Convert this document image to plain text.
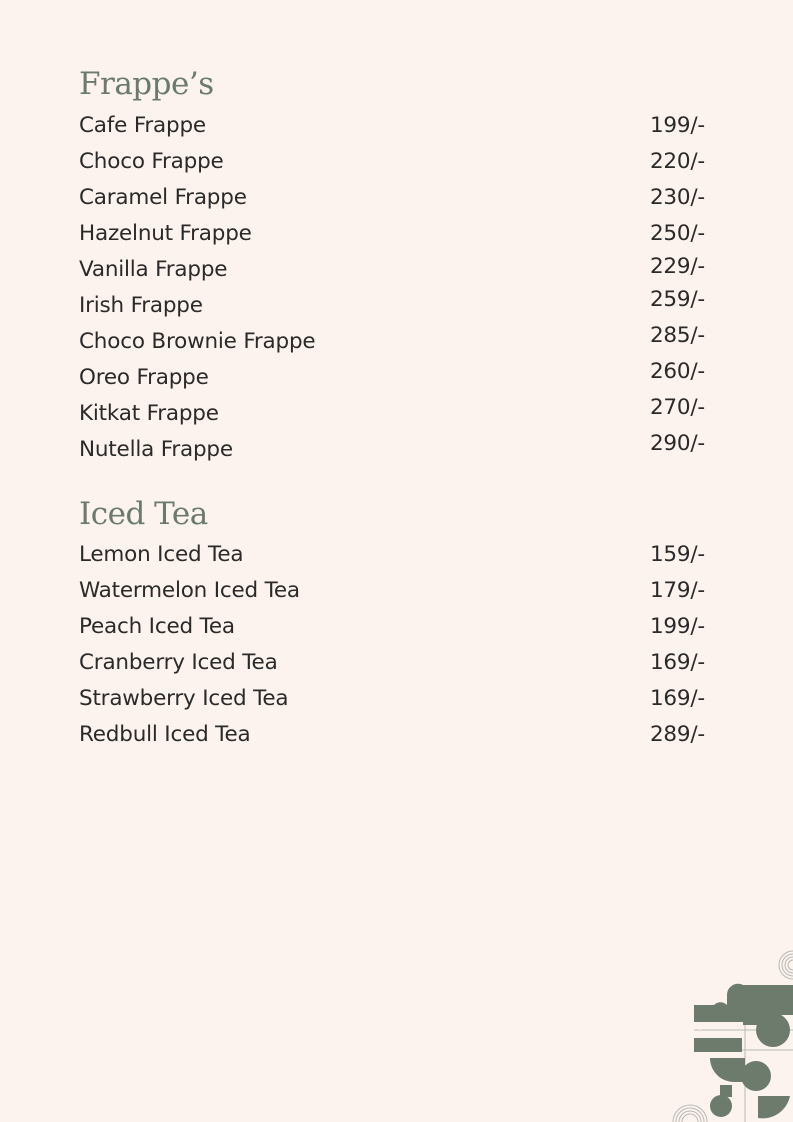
Frappe’s
Cafe Frappe	199/-
Choco Frappe	220/-
Caramel Frappe	230/-
Hazelnut Frappe	250/-
Vanilla Frappe	229/-
Irish Frappe	259/-
Choco Brownie Frappe	285/-
Oreo Frappe	260/-
Kitkat Frappe	270/-
Nutella Frappe	290/-
Iced Tea
Lemon Iced Tea	159/-
Watermelon Iced Tea	179/-
Peach Iced Tea	199/-
Cranberry Iced Tea	169/-
Strawberry Iced Tea	169/-
Redbull Iced Tea	289/-
